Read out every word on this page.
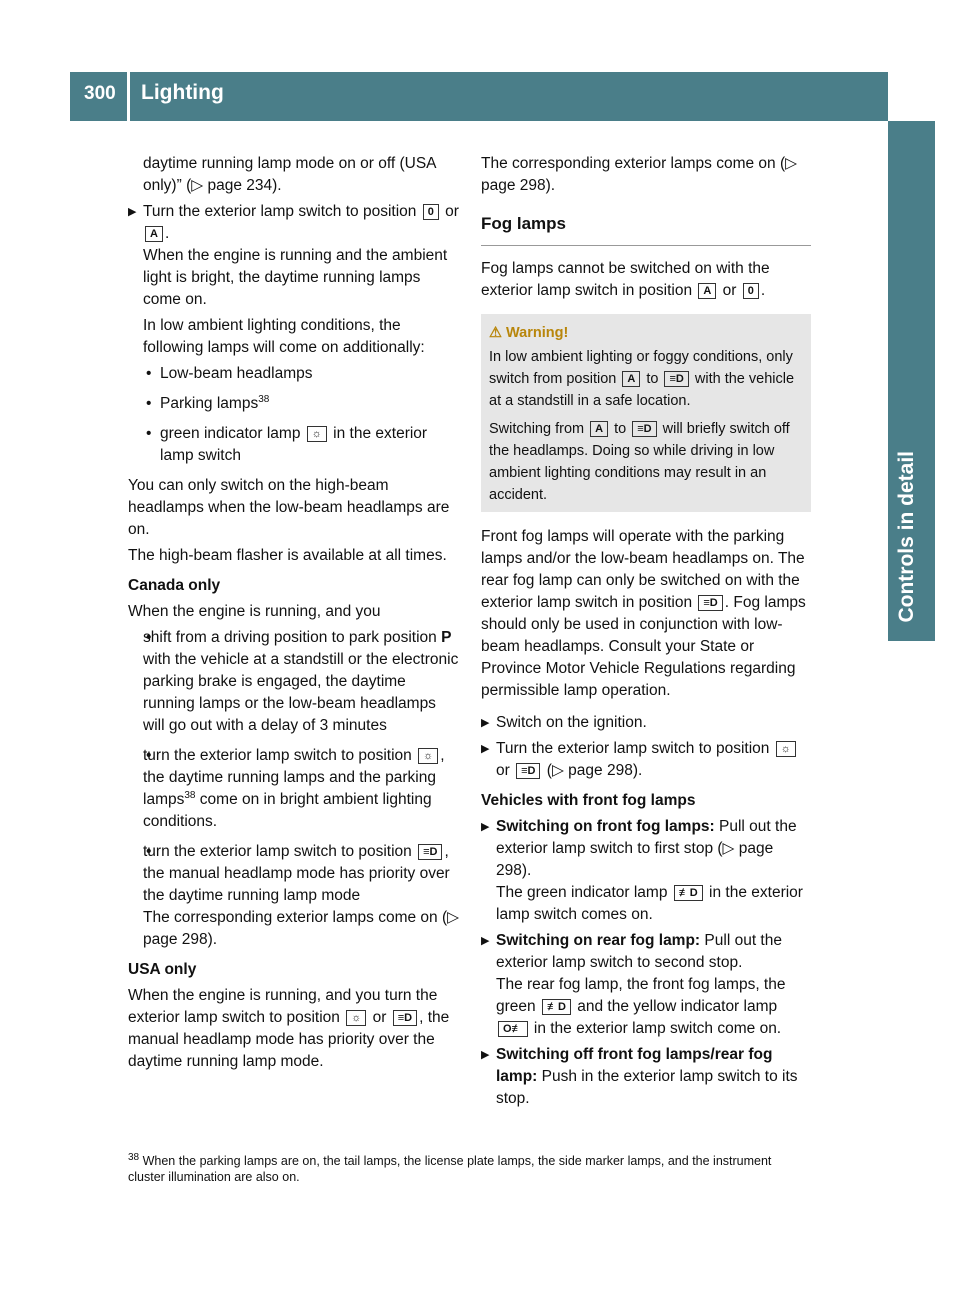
300 Lighting
Controls in detail

daytime running lamp mode on or off (USA only)” (▷ page 234).

▶ Turn the exterior lamp switch to position 0 or A .
When the engine is running and the ambient light is bright, the daytime running lamps come on.

In low ambient lighting conditions, the following lamps will come on additionally:

• Low-beam headlamps
• Parking lamps$^{38}$
• green indicator lamp ☼ in the exterior lamp switch

You can only switch on the high-beam headlamps when the low-beam headlamps are on.

The high-beam flasher is available at all times.

Canada only

When the engine is running, and you

• shift from a driving position to park position P with the vehicle at a standstill or the electronic parking brake is engaged, the daytime running lamps or the low-beam headlamps will go out with a delay of 3 minutes
• turn the exterior lamp switch to position ☼ , the daytime running lamps and the parking lamps$^{38}$ come on in bright ambient lighting conditions.
• turn the exterior lamp switch to position ≡D , the manual headlamp mode has priority over the daytime running lamp mode
The corresponding exterior lamps come on (▷ page 298).

USA only

When the engine is running, and you turn the exterior lamp switch to position ☼ or ≡D , the manual headlamp mode has priority over the daytime running lamp mode.

The corresponding exterior lamps come on (▷ page 298).

Fog lamps

Fog lamps cannot be switched on with the exterior lamp switch in position A or 0 .

⚠ Warning!
In low ambient lighting or foggy conditions, only switch from position A to ≡D with the vehicle at a standstill in a safe location.
Switching from A to ≡D will briefly switch off the headlamps. Doing so while driving in low ambient lighting conditions may result in an accident.

Front fog lamps will operate with the parking lamps and/or the low-beam headlamps on. The rear fog lamp can only be switched on with the exterior lamp switch in position ≡D . Fog lamps should only be used in conjunction with low-beam headlamps. Consult your State or Province Motor Vehicle Regulations regarding permissible lamp operation.

▶ Switch on the ignition.
▶ Turn the exterior lamp switch to position ☼ or ≡D (▷ page 298).

Vehicles with front fog lamps

▶ Switching on front fog lamps: Pull out the exterior lamp switch to first stop (▷ page 298).
The green indicator lamp ≢D in the exterior lamp switch comes on.
▶ Switching on rear fog lamp: Pull out the exterior lamp switch to second stop.
The rear fog lamp, the front fog lamps, the green ≢D and the yellow indicator lamp O≢ in the exterior lamp switch come on.
▶ Switching off front fog lamps/rear fog lamp: Push in the exterior lamp switch to its stop.
$^{38}$ When the parking lamps are on, the tail lamps, the license plate lamps, the side marker lamps, and the instrument cluster illumination are also on.
